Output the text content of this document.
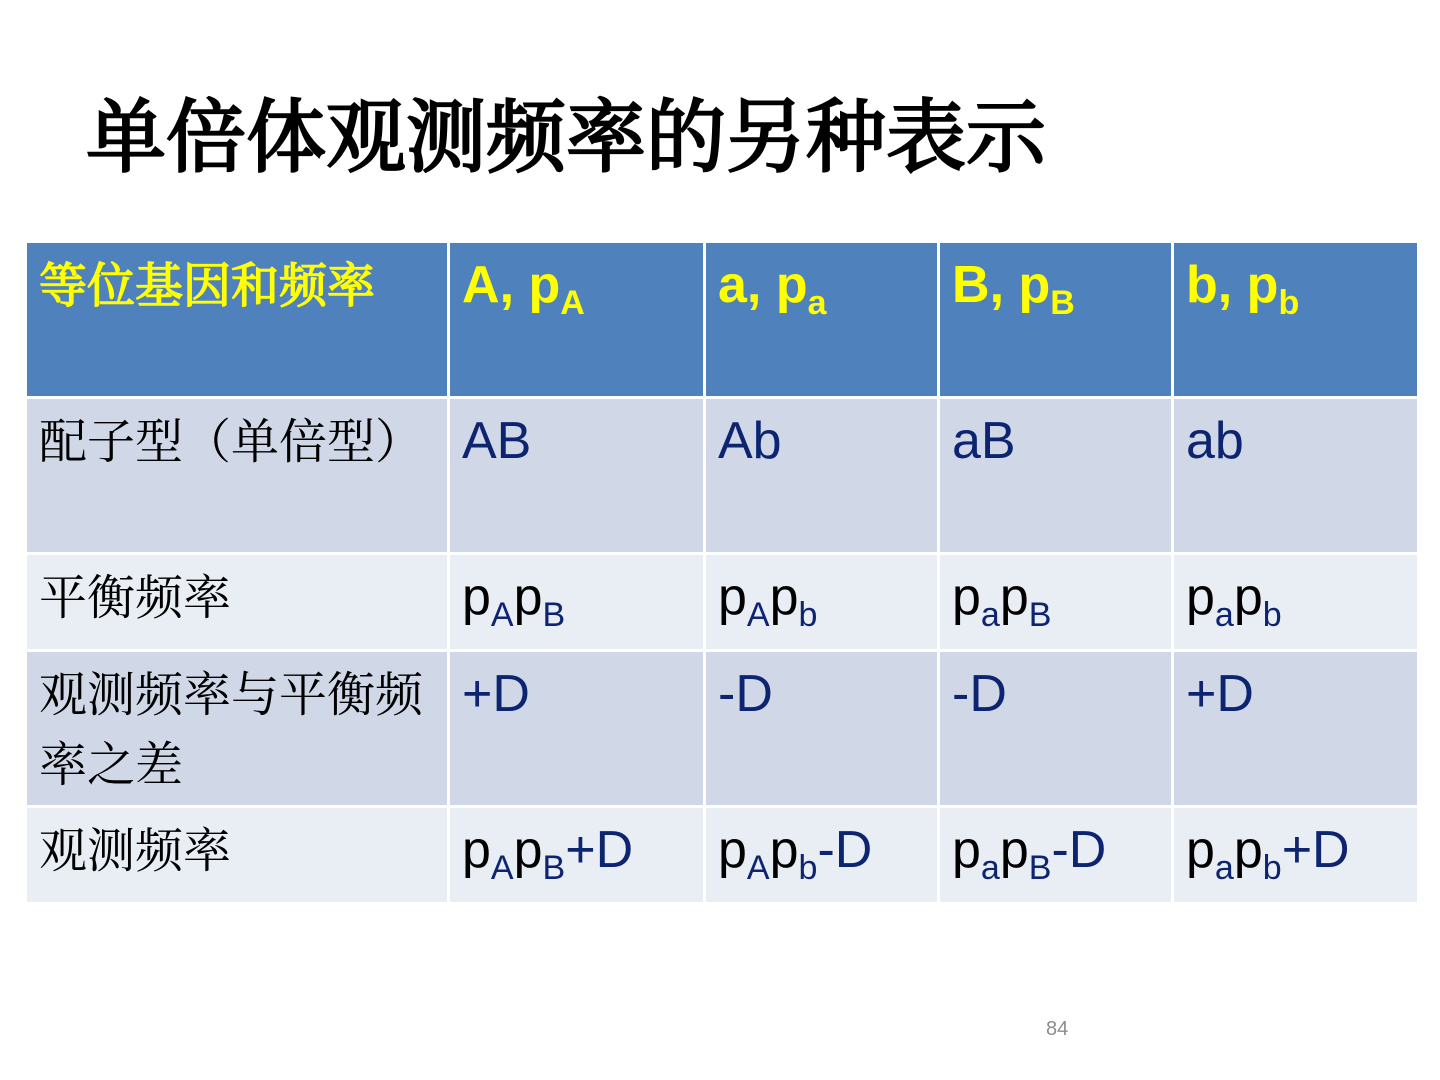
单倍体观测频率的另种表示
等位基因和频率	A, $p_A$	a, $p_a$	B, $p_B$	b, $p_b$
配子型（单倍型）	AB	Ab	aB	ab
平衡频率	$p_Ap_B$	$p_Ap_b$	$p_ap_B$	$p_ap_b$
观测频率与平衡频率之差	+D	-D	-D	+D
观测频率	$p_Ap_B+D$	$p_Ap_b-D$	$p_ap_B-D$	$p_ap_b+D$
84
